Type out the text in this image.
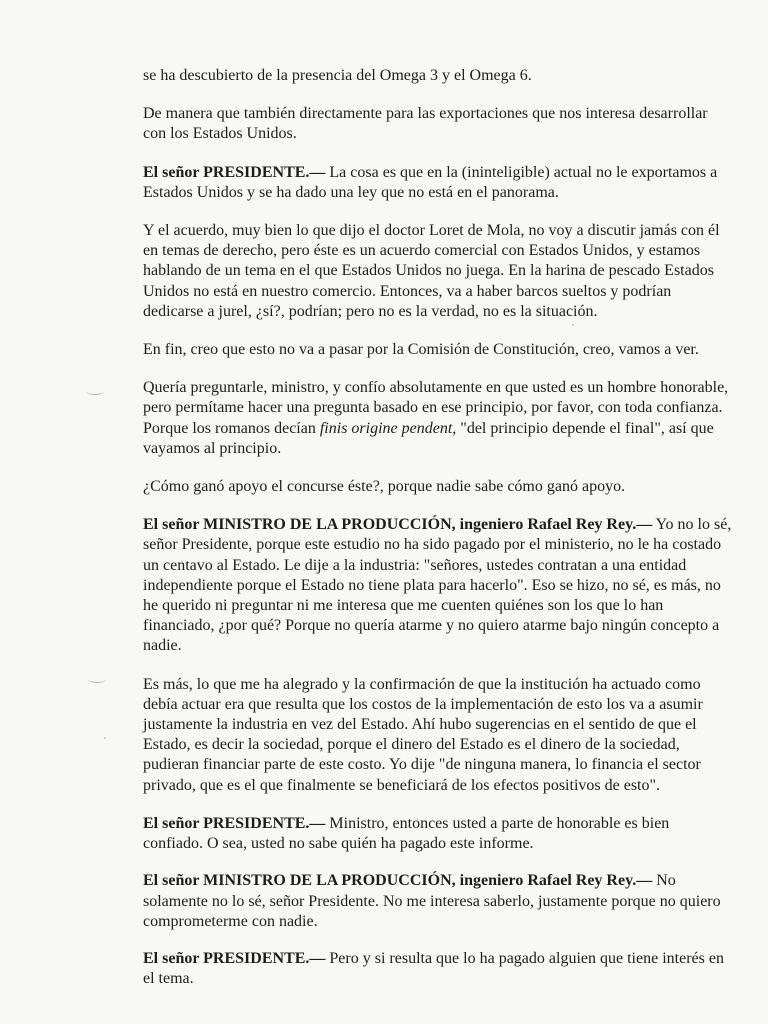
se ha descubierto de la presencia del Omega 3 y el Omega 6.

De manera que también directamente para las exportaciones que nos interesa desarrollar con los Estados Unidos.

El señor PRESIDENTE.— La cosa es que en la (ininteligible) actual no le exportamos a Estados Unidos y se ha dado una ley que no está en el panorama.

Y el acuerdo, muy bien lo que dijo el doctor Loret de Mola, no voy a discutir jamás con él en temas de derecho, pero éste es un acuerdo comercial con Estados Unidos, y estamos hablando de un tema en el que Estados Unidos no juega. En la harina de pescado Estados Unidos no está en nuestro comercio. Entonces, va a haber barcos sueltos y podrían dedicarse a jurel, ¿sí?, podrían; pero no es la verdad, no es la situación.

En fin, creo que esto no va a pasar por la Comisión de Constitución, creo, vamos a ver.

Quería preguntarle, ministro, y confío absolutamente en que usted es un hombre honorable, pero permítame hacer una pregunta basado en ese principio, por favor, con toda confianza. Porque los romanos decían finis origine pendent, "del principio depende el final", así que vayamos al principio.

¿Cómo ganó apoyo el concurse éste?, porque nadie sabe cómo ganó apoyo.

El señor MINISTRO DE LA PRODUCCIÓN, ingeniero Rafael Rey Rey.— Yo no lo sé, señor Presidente, porque este estudio no ha sido pagado por el ministerio, no le ha costado un centavo al Estado. Le dije a la industria: "señores, ustedes contratan a una entidad independiente porque el Estado no tiene plata para hacerlo". Eso se hizo, no sé, es más, no he querido ni preguntar ni me interesa que me cuenten quiénes son los que lo han financiado, ¿por qué? Porque no quería atarme y no quiero atarme bajo ningún concepto a nadie.

Es más, lo que me ha alegrado y la confirmación de que la institución ha actuado como debía actuar era que resulta que los costos de la implementación de esto los va a asumir justamente la industria en vez del Estado. Ahí hubo sugerencias en el sentido de que el Estado, es decir la sociedad, porque el dinero del Estado es el dinero de la sociedad, pudieran financiar parte de este costo. Yo dije "de ninguna manera, lo financia el sector privado, que es el que finalmente se beneficiará de los efectos positivos de esto".

El señor PRESIDENTE.— Ministro, entonces usted a parte de honorable es bien confiado. O sea, usted no sabe quién ha pagado este informe.

El señor MINISTRO DE LA PRODUCCIÓN, ingeniero Rafael Rey Rey.— No solamente no lo sé, señor Presidente. No me interesa saberlo, justamente porque no quiero comprometerme con nadie.

El señor PRESIDENTE.— Pero y si resulta que lo ha pagado alguien que tiene interés en el tema.
